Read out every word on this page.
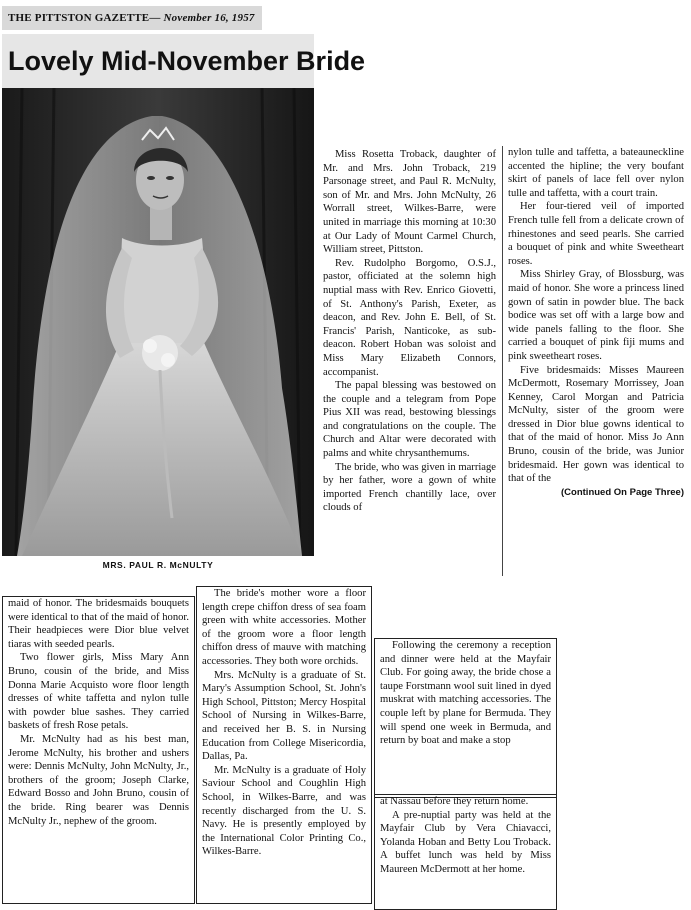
THE PITTSTON GAZETTE— November 16, 1957
Lovely Mid-November Bride
MRS. PAUL R. McNULTY

Miss Rosetta Troback, daughter of Mr. and Mrs. John Troback, 219 Parsonage street, and Paul R. McNulty, son of Mr. and Mrs. John McNulty, 26 Worrall street, Wilkes-Barre, were united in marriage this morning at 10:30 at Our Lady of Mount Carmel Church, William street, Pittston.

Rev. Rudolpho Borgomo, O.S.J., pastor, officiated at the solemn high nuptial mass with Rev. Enrico Giovetti, of St. Anthony's Parish, Exeter, as deacon, and Rev. John E. Bell, of St. Francis' Parish, Nanticoke, as sub-deacon. Robert Hoban was soloist and Miss Mary Elizabeth Connors, accompanist.

The papal blessing was bestowed on the couple and a telegram from Pope Pius XII was read, bestowing blessings and congratulations on the couple. The Church and Altar were decorated with palms and white chrysanthemums.

The bride, who was given in marriage by her father, wore a gown of white imported French chantilly lace, over clouds of

nylon tulle and taffetta, a bateauneckline accented the hipline; the very boufant skirt of panels of lace fell over nylon tulle and taffetta, with a court train.

Her four-tiered veil of imported French tulle fell from a delicate crown of rhinestones and seed pearls. She carried a bouquet of pink and white Sweetheart roses.

Miss Shirley Gray, of Blossburg, was maid of honor. She wore a princess lined gown of satin in powder blue. The back bodice was set off with a large bow and wide panels falling to the floor. She carried a bouquet of pink fiji mums and pink sweetheart roses.

Five bridesmaids: Misses Maureen McDermott, Rosemary Morrissey, Joan Kenney, Carol Morgan and Patricia McNulty, sister of the groom were dressed in Dior blue gowns identical to that of the maid of honor. Miss Jo Ann Bruno, cousin of the bride, was Junior bridesmaid. Her gown was identical to that of the

(Continued On Page Three)

maid of honor. The bridesmaids bouquets were identical to that of the maid of honor. Their headpieces were Dior blue velvet tiaras with seeded pearls.

Two flower girls, Miss Mary Ann Bruno, cousin of the bride, and Miss Donna Marie Acquisto wore floor length dresses of white taffetta and nylon tulle with powder blue sashes. They carried baskets of fresh Rose petals.

Mr. McNulty had as his best man, Jerome McNulty, his brother and ushers were: Dennis McNulty, John McNulty, Jr., brothers of the groom; Joseph Clarke, Edward Bosso and John Bruno, cousin of the bride. Ring bearer was Dennis McNulty Jr., nephew of the groom.

The bride's mother wore a floor length crepe chiffon dress of sea foam green with white accessories. Mother of the groom wore a floor length chiffon dress of mauve with matching accessories. They both wore orchids.

Mrs. McNulty is a graduate of St. Mary's Assumption School, St. John's High School, Pittston; Mercy Hospital School of Nursing in Wilkes-Barre, and received her B. S. in Nursing Education from College Misericordia, Dallas, Pa.

Mr. McNulty is a graduate of Holy Saviour School and Coughlin High School, in Wilkes-Barre, and was recently discharged from the U. S. Navy. He is presently employed by the International Color Printing Co., Wilkes-Barre.

Following the ceremony a reception and dinner were held at the Mayfair Club. For going away, the bride chose a taupe Forstmann wool suit lined in dyed muskrat with matching accessories. The couple left by plane for Bermuda. They will spend one week in Bermuda, and return by boat and make a stop

at Nassau before they return home.

A pre-nuptial party was held at the Mayfair Club by Vera Chiavacci, Yolanda Hoban and Betty Lou Troback. A buffet lunch was held by Miss Maureen McDermott at her home.
